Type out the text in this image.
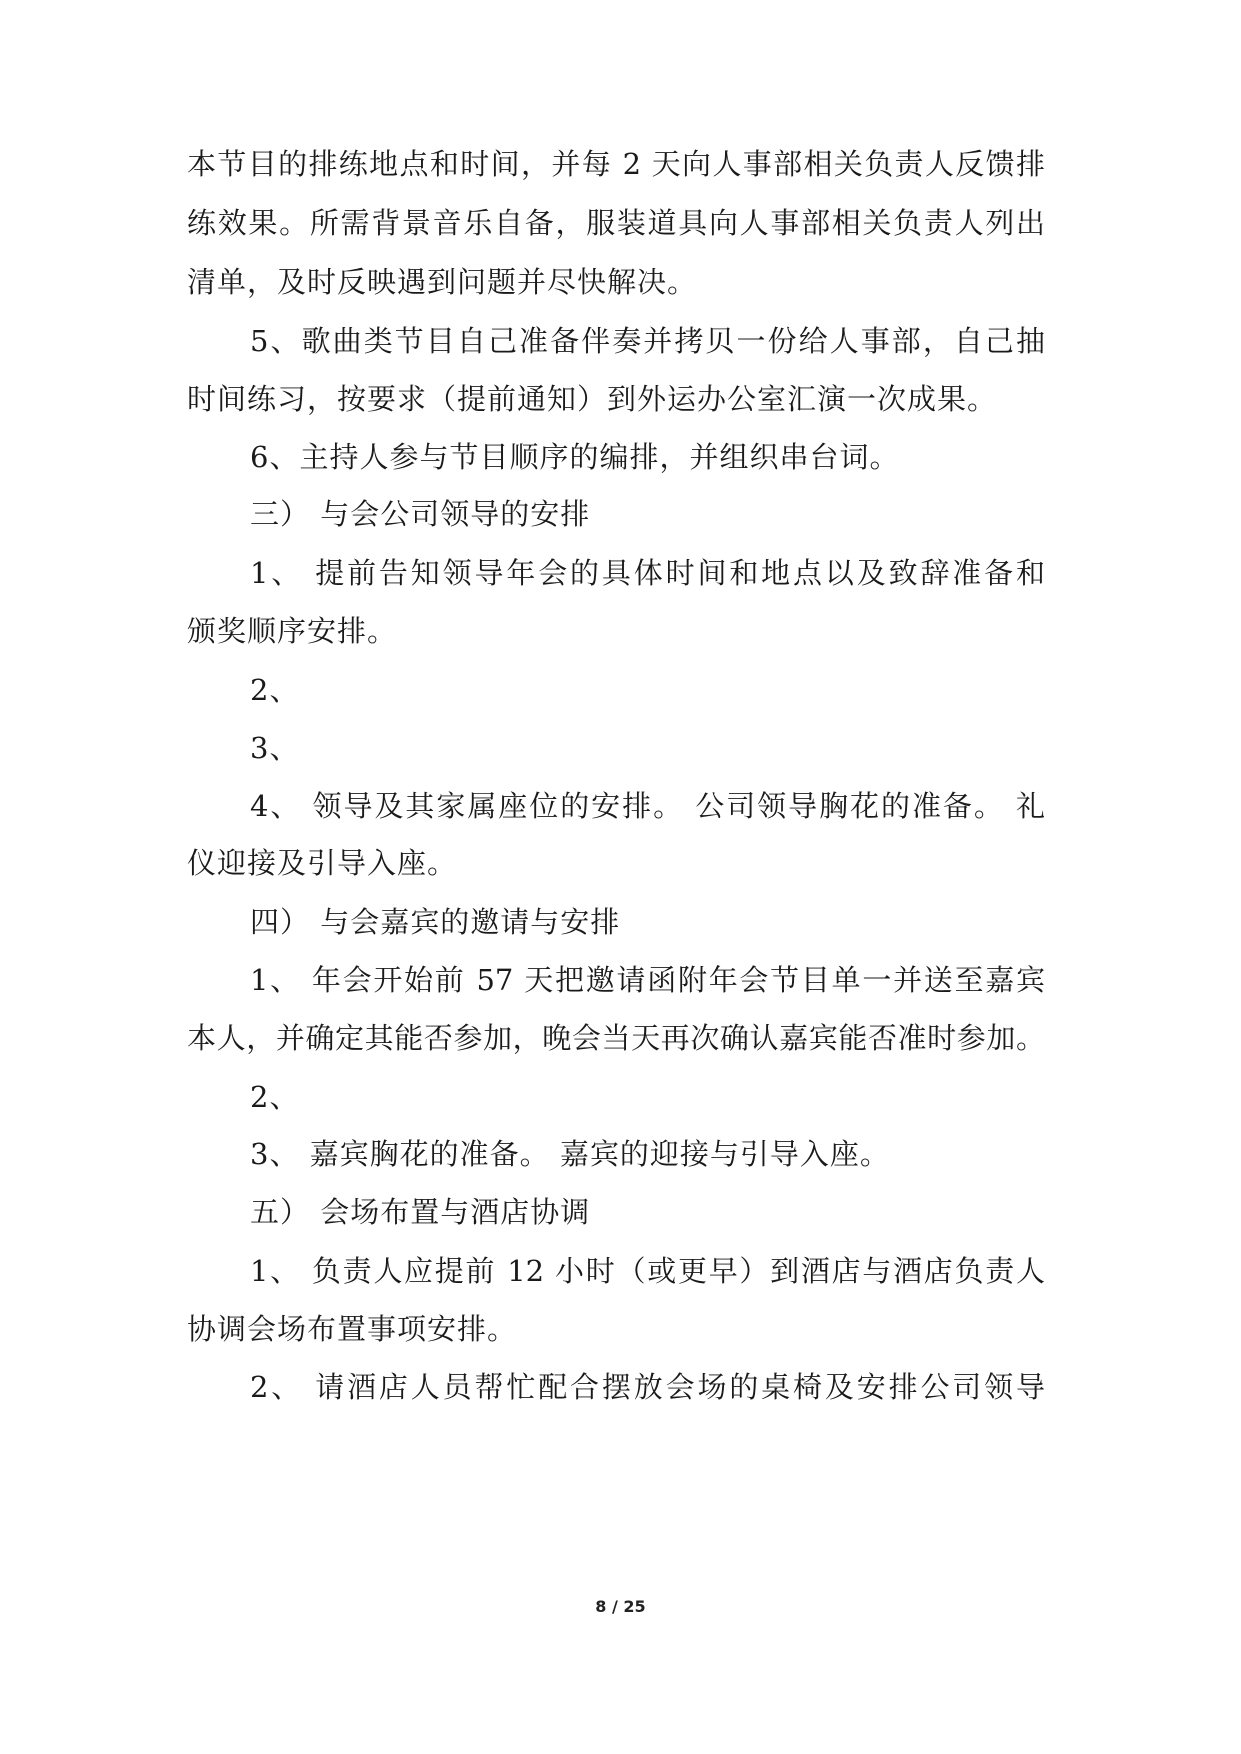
本节目的排练地点和时间，并每 2 天向人事部相关负责人反馈排
练效果。所需背景音乐自备，服装道具向人事部相关负责人列出
清单，及时反映遇到问题并尽快解决。
5、歌曲类节目自己准备伴奏并拷贝一份给人事部，自己抽
时间练习，按要求（提前通知）到外运办公室汇演一次成果。
6、主持人参与节目顺序的编排，并组织串台词。
三） 与会公司领导的安排
1、 提前告知领导年会的具体时间和地点以及致辞准备和
颁奖顺序安排。
2、
3、
4、 领导及其家属座位的安排。 公司领导胸花的准备。 礼
仪迎接及引导入座。
四） 与会嘉宾的邀请与安排
1、 年会开始前 57 天把邀请函附年会节目单一并送至嘉宾
本人，并确定其能否参加，晚会当天再次确认嘉宾能否准时参加。
2、
3、 嘉宾胸花的准备。 嘉宾的迎接与引导入座。
五） 会场布置与酒店协调
1、 负责人应提前 12 小时（或更早）到酒店与酒店负责人
协调会场布置事项安排。
2、 请酒店人员帮忙配合摆放会场的桌椅及安排公司领导
8 / 25
